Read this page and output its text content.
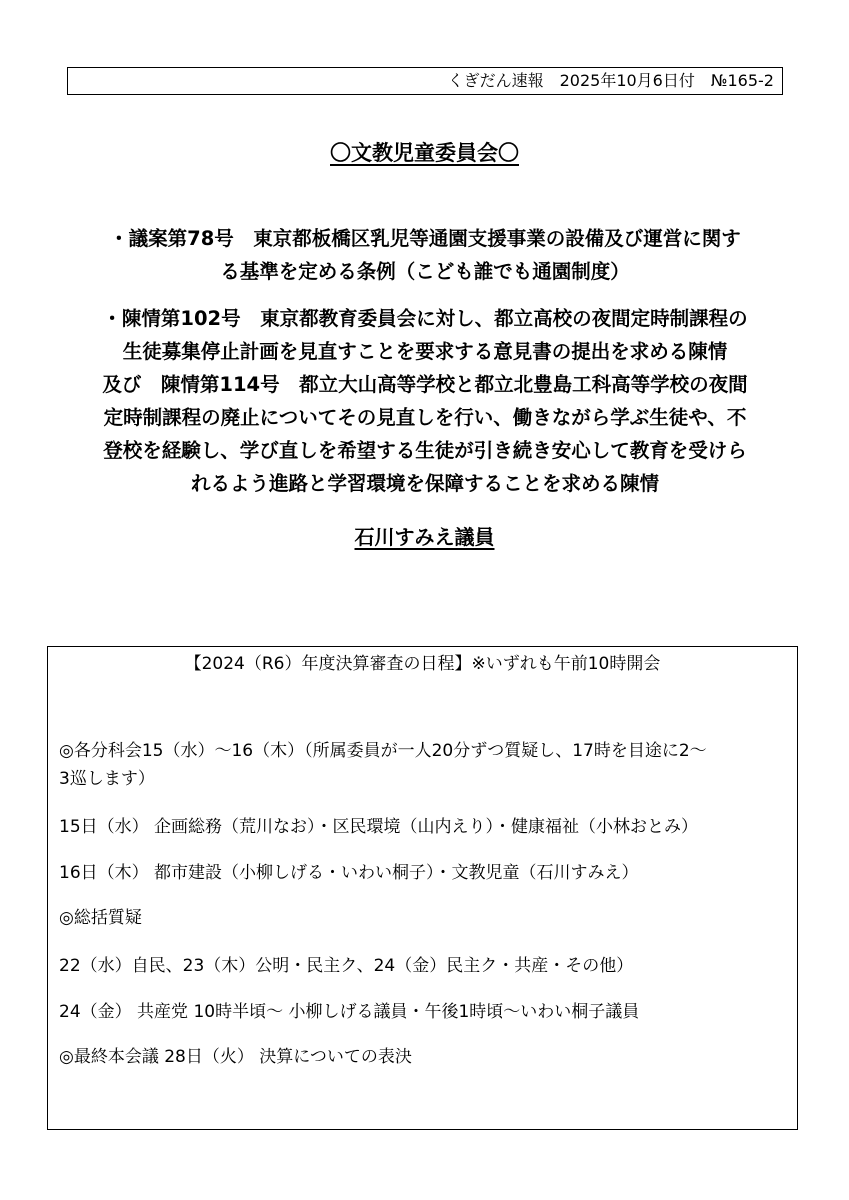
くぎだん速報　2025年10月6日付　№165-2
〇文教児童委員会〇
・議案第78号　東京都板橋区乳児等通園支援事業の設備及び運営に関す
る基準を定める条例（こども誰でも通園制度）
・陳情第102号　東京都教育委員会に対し、都立高校の夜間定時制課程の
生徒募集停止計画を見直すことを要求する意見書の提出を求める陳情
及び　陳情第114号　都立大山高等学校と都立北豊島工科高等学校の夜間
定時制課程の廃止についてその見直しを行い、働きながら学ぶ生徒や、不
登校を経験し、学び直しを希望する生徒が引き続き安心して教育を受けら
れるよう進路と学習環境を保障することを求める陳情
石川すみえ議員
【2024（R6）年度決算審査の日程】※いずれも午前10時開会
◎各分科会15（水）～16（木）（所属委員が一人20分ずつ質疑し、17時を目途に2～
3巡します）
15日（水） 企画総務（荒川なお）・区民環境（山内えり）・健康福祉（小林おとみ）
16日（木） 都市建設（小柳しげる・いわい桐子）・文教児童（石川すみえ）
◎総括質疑
22（水）自民、23（木）公明・民主ク、24（金）民主ク・共産・その他）
24（金） 共産党 10時半頃～ 小柳しげる議員・午後1時頃～いわい桐子議員
◎最終本会議 28日（火） 決算についての表決
